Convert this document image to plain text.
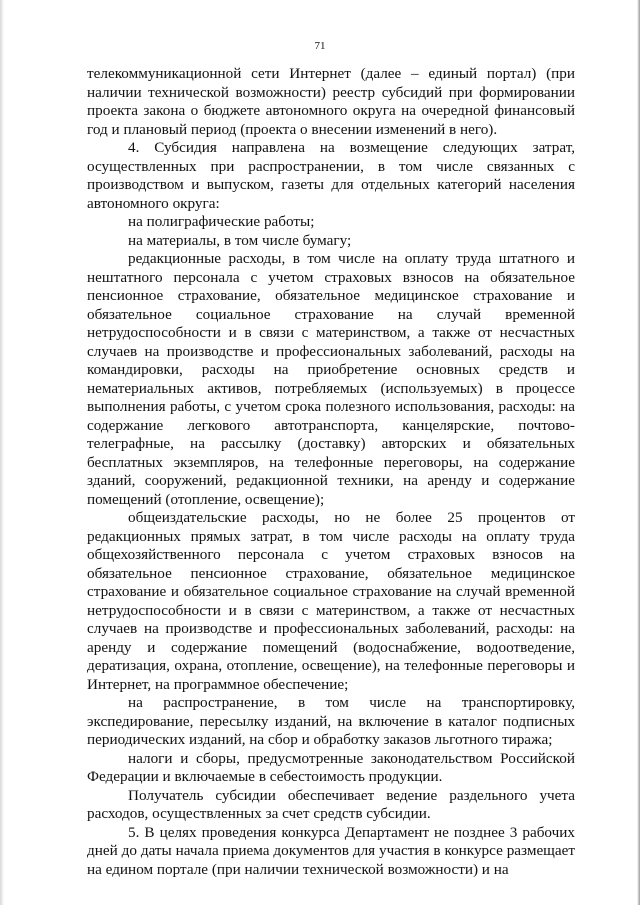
71

телекоммуникационной сети Интернет (далее – единый портал) (при наличии технической возможности) реестр субсидий при формировании проекта закона о бюджете автономного округа на очередной финансовый год и плановый период (проекта о внесении изменений в него).

4. Субсидия направлена на возмещение следующих затрат, осуществленных при распространении, в том числе связанных с производством и выпуском, газеты для отдельных категорий населения автономного округа:

на полиграфические работы;

на материалы, в том числе бумагу;

редакционные расходы, в том числе на оплату труда штатного и нештатного персонала с учетом страховых взносов на обязательное пенсионное страхование, обязательное медицинское страхование и обязательное социальное страхование на случай временной нетрудоспособности и в связи с материнством, а также от несчастных случаев на производстве и профессиональных заболеваний, расходы на командировки, расходы на приобретение основных средств и нематериальных активов, потребляемых (используемых) в процессе выполнения работы, с учетом срока полезного использования, расходы: на содержание легкового автотранспорта, канцелярские, почтово-телеграфные, на рассылку (доставку) авторских и обязательных бесплатных экземпляров, на телефонные переговоры, на содержание зданий, сооружений, редакционной техники, на аренду и содержание помещений (отопление, освещение);

общеиздательские расходы, но не более 25 процентов от редакционных прямых затрат, в том числе расходы на оплату труда общехозяйственного персонала с учетом страховых взносов на обязательное пенсионное страхование, обязательное медицинское страхование и обязательное социальное страхование на случай временной нетрудоспособности и в связи с материнством, а также от несчастных случаев на производстве и профессиональных заболеваний, расходы: на аренду и содержание помещений (водоснабжение, водоотведение, дератизация, охрана, отопление, освещение), на телефонные переговоры и Интернет, на программное обеспечение;

на распространение, в том числе на транспортировку, экспедирование, пересылку изданий, на включение в каталог подписных периодических изданий, на сбор и обработку заказов льготного тиража;

налоги и сборы, предусмотренные законодательством Российской Федерации и включаемые в себестоимость продукции.

Получатель субсидии обеспечивает ведение раздельного учета расходов, осуществленных за счет средств субсидии.

5. В целях проведения конкурса Департамент не позднее 3 рабочих дней до даты начала приема документов для участия в конкурсе размещает на едином портале (при наличии технической возможности) и на
